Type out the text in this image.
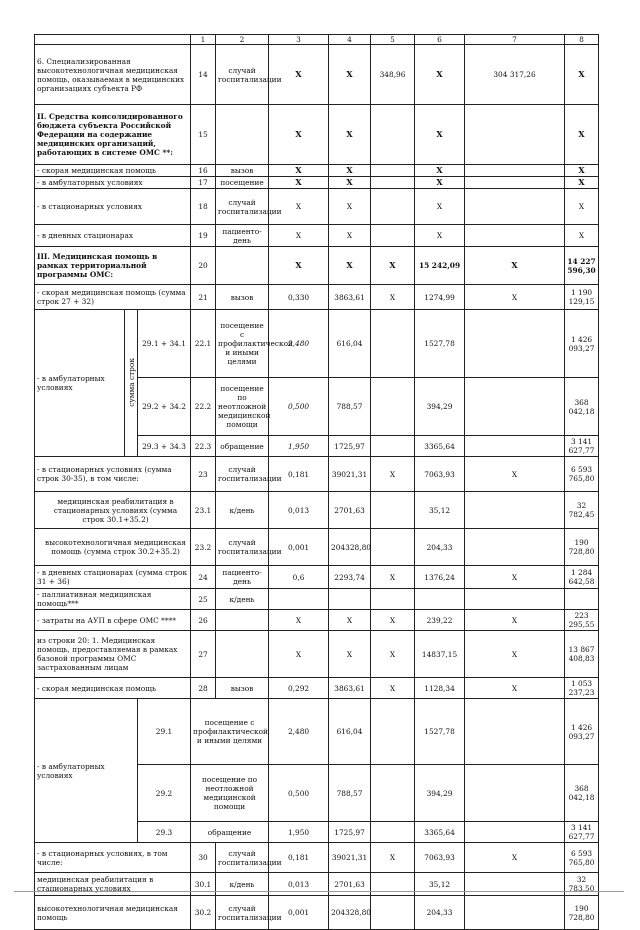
			1	2	3	4	5	6	7	8	
6. Специализированная высокотехнологичная медицинская помощь, оказываемая в медицинских организациях субъекта РФ			14	случай госпитализации	X	X	348,96	X	304 317,26	X	
II. Средства консолидированного бюджета субъекта Российской Федерации на содержание медицинских организаций, работающих в системе ОМС **:			15		X	X		X		X	
- скорая медицинская помощь			16	вызов	X	X		X		X	
- в амбулаторных условиях			17	посещение	X	X		X		X	
- в стационарных условиях			18	случай госпитализации	X	X		X		X	
- в дневных стационарах			19	пациенто-день	X	X		X		X	
III. Медицинская помощь в рамках территориальной программы ОМС:			20		X	X	X	15 242,09	X	14 227 596,30	
- скорая медицинская помощь (сумма строк 27 + 32)			21	вызов	0,330	3863,61	X	1274,99	X	1 190 129,15	
- в амбулаторных условиях	сумма строк	29.1 + 34.1	22.1	посещение с профилактической и иными целями	2,480	616,04		1527,78		1 426 093,27	
		29.2 + 34.2	22.2	посещение по неотложной медицинской помощи	0,500	788,57		394,29		368 042,18	
		29.3 + 34.3	22.3	обращение	1,950	1725,97		3365,64		3 141 627,77	
- в стационарных условиях (сумма строк 30-35), в том числе:			23	случай госпитализации	0,181	39021,31	X	7063,93	X	6 593 765,80	
медицинская реабилитация в стационарных условиях (сумма строк 30.1+35.2)			23.1	к/день	0,013	2701,63		35,12		32 782,45	
высокотехнологичная медицинская помощь (сумма строк 30.2+35.2)			23.2	случай госпитализации	0,001	204328,80		204,33		190 728,80	
- в дневных стационарах (сумма строк 31 + 36)			24	пациенто-день	0,6	2293,74	X	1376,24	X	1 284 642,58	
- паллиативная медицинская помощь***			25	к/день							
- затраты на АУП в сфере ОМС ****			26		X	X	X	239,22	X	223 295,55	
из строки 20: 1. Медицинская помощь, предоставляемая в рамках базовой программы ОМС застрахованным лицам			27		X	X	X	14837,15	X	13 867 408,83	
- скорая медицинская помощь			28	вызов	0,292	3863,61	X	1128,34	X	1 053 237,23	
- в амбулаторных условиях		29.1	посещение с профилактической и иными целями		2,480	616,04		1527,78		1 426 093,27	
		29.2	посещение по неотложной медицинской помощи		0,500	788,57		394,29		368 042,18	
		29.3	обращение		1,950	1725,97		3365,64		3 141 627,77	
- в стационарных условиях, в том числе:			30	случай госпитализации	0,181	39021,31	X	7063,93	X	6 593 765,80	
медицинская реабилитация в стационарных условиях			30.1	к/день	0,013	2701,63		35,12		32 783,50	
высокотехнологичная медицинская помощь			30.2	случай госпитализации	0,001	204328,80		204,33		190 728,80	
